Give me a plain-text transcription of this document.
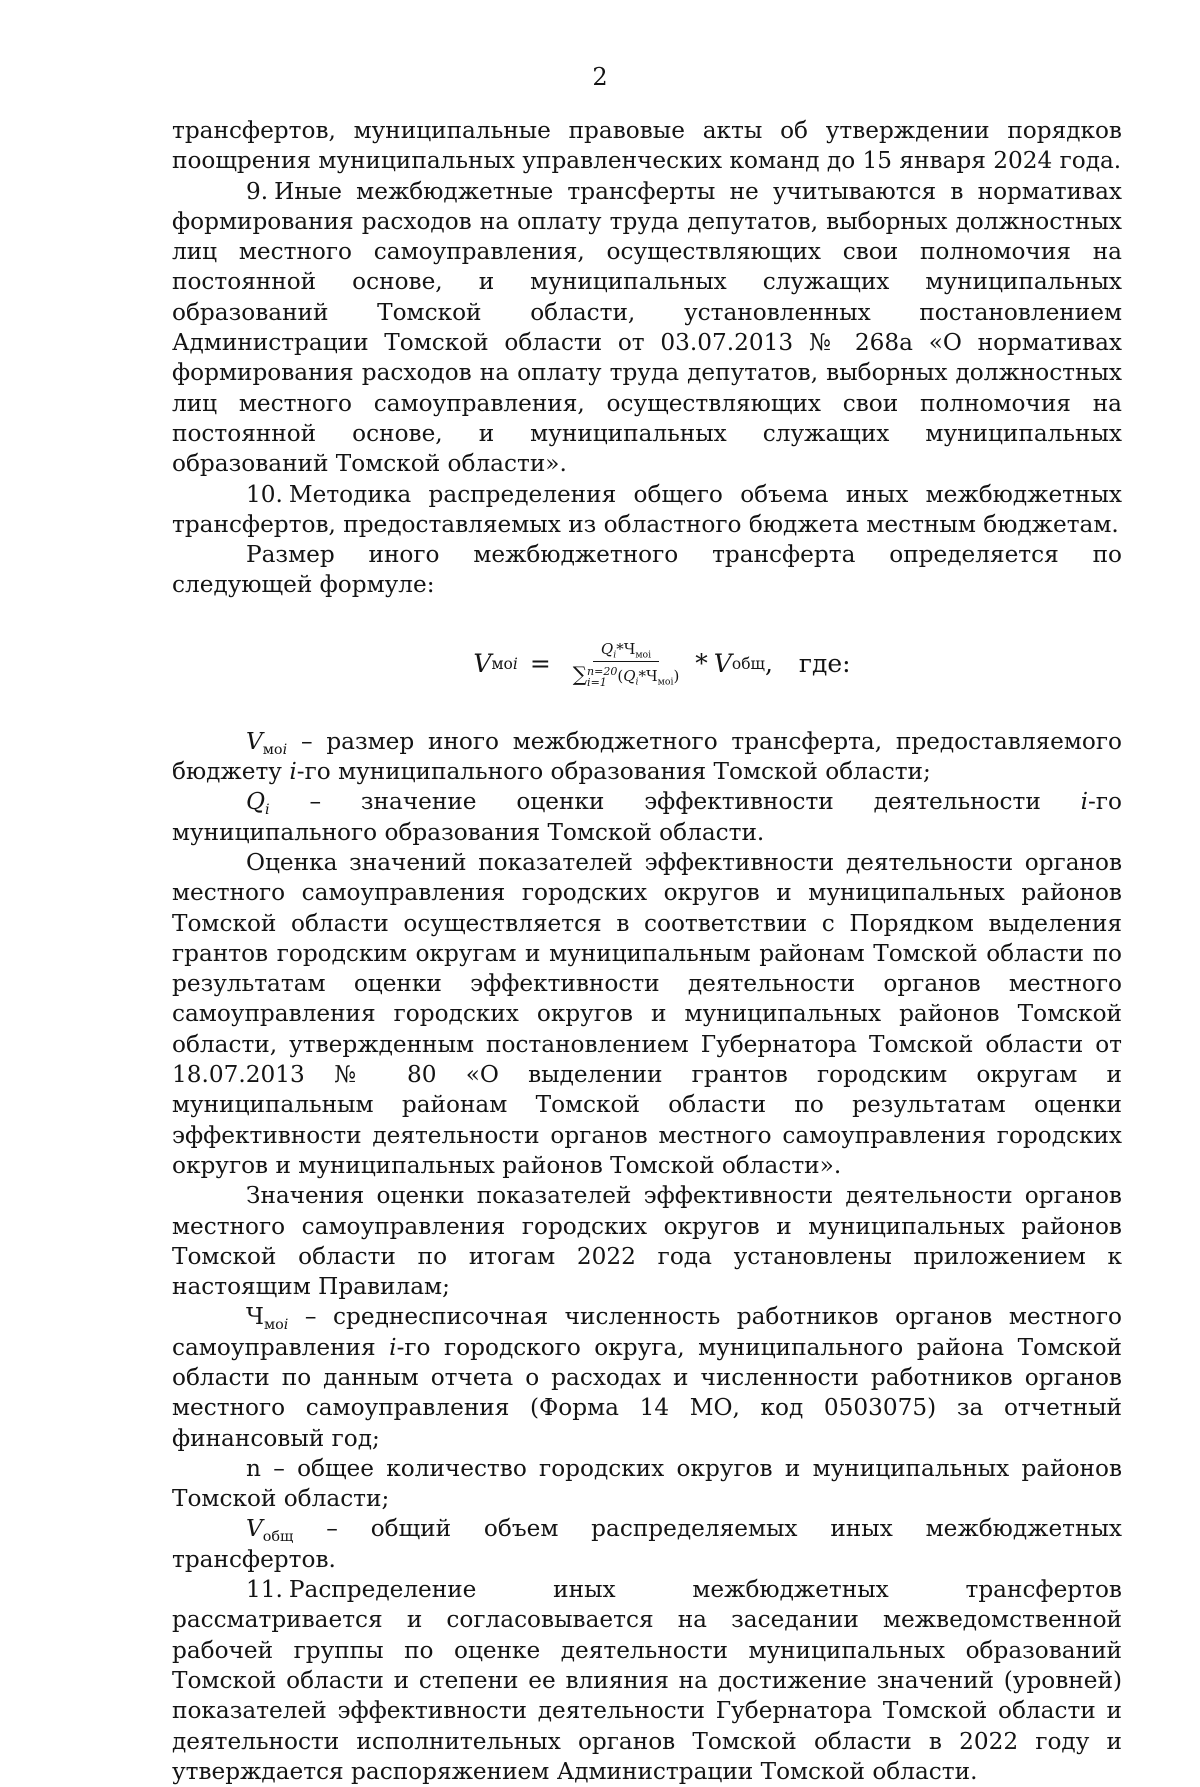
2

трансфертов, муниципальные правовые акты об утверждении порядков поощрения муниципальных управленческих команд до 15 января 2024 года.

9. Иные межбюджетные трансферты не учитываются в нормативах формирования расходов на оплату труда депутатов, выборных должностных лиц местного самоуправления, осуществляющих свои полномочия на постоянной основе, и муниципальных служащих муниципальных образований Томской области, установленных постановлением Администрации Томской области от 03.07.2013 № 268а «О нормативах формирования расходов на оплату труда депутатов, выборных должностных лиц местного самоуправления, осуществляющих свои полномочия на постоянной основе, и муниципальных служащих муниципальных образований Томской области».

10. Методика распределения общего объема иных межбюджетных трансфертов, предоставляемых из областного бюджета местным бюджетам.

Размер иного межбюджетного трансферта определяется по следующей формуле:

V моi = $Q_i*Ч_{моi}$
∑ n=20
i=1 $(Q_i*Ч_{моi})$ * V общ , где:

$V_{моi}$ – размер иного межбюджетного трансферта, предоставляемого бюджету i-го муниципального образования Томской области;

$Q_i$ – значение оценки эффективности деятельности i-го муниципального образования Томской области.

Оценка значений показателей эффективности деятельности органов местного самоуправления городских округов и муниципальных районов Томской области осуществляется в соответствии с Порядком выделения грантов городским округам и муниципальным районам Томской области по результатам оценки эффективности деятельности органов местного самоуправления городских округов и муниципальных районов Томской области, утвержденным постановлением Губернатора Томской области от 18.07.2013 № 80 «О выделении грантов городским округам и муниципальным районам Томской области по результатам оценки эффективности деятельности органов местного самоуправления городских округов и муниципальных районов Томской области».

Значения оценки показателей эффективности деятельности органов местного самоуправления городских округов и муниципальных районов Томской области по итогам 2022 года установлены приложением к настоящим Правилам;

$Ч_{моi}$ – среднесписочная численность работников органов местного самоуправления i-го городского округа, муниципального района Томской области по данным отчета о расходах и численности работников органов местного самоуправления (Форма 14 МО, код 0503075) за отчетный финансовый год;

n – общее количество городских округов и муниципальных районов Томской области;

$V_{общ}$ – общий объем распределяемых иных межбюджетных трансфертов.

11. Распределение иных межбюджетных трансфертов рассматривается и согласовывается на заседании межведомственной рабочей группы по оценке деятельности муниципальных образований Томской области и степени ее влияния на достижение значений (уровней) показателей эффективности деятельности Губернатора Томской области и деятельности исполнительных органов Томской области в 2022 году и утверждается распоряжением Администрации Томской области.
